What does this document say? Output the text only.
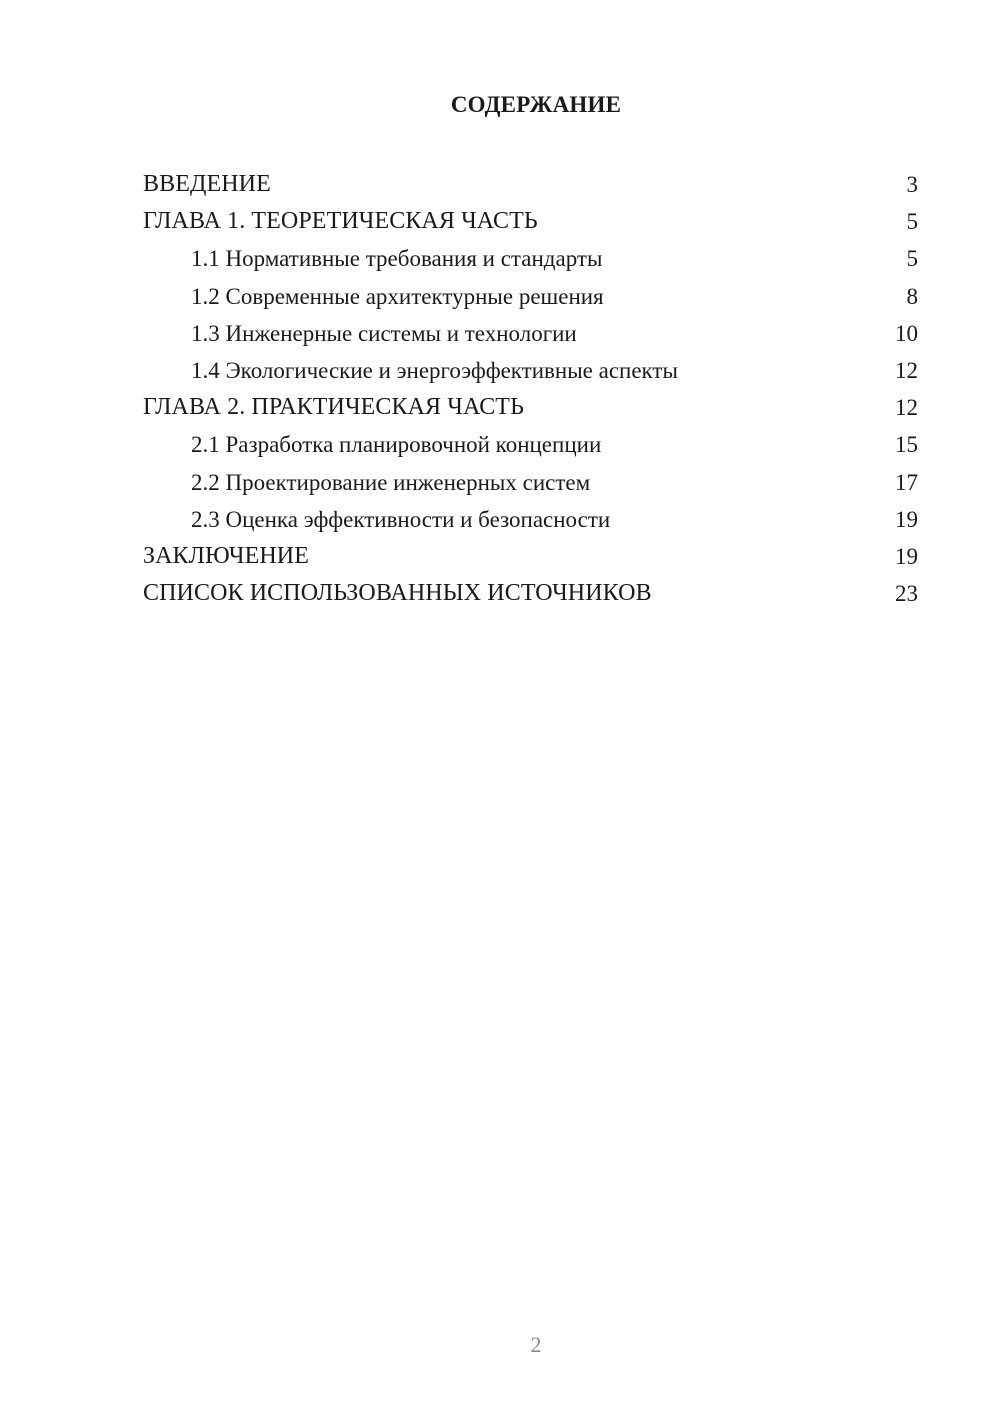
СОДЕРЖАНИЕ
ВВЕДЕНИЕ	3
ГЛАВА 1. ТЕОРЕТИЧЕСКАЯ ЧАСТЬ	5
1.1 Нормативные требования и стандарты	5
1.2 Современные архитектурные решения	8
1.3 Инженерные системы и технологии	10
1.4 Экологические и энергоэффективные аспекты	12
ГЛАВА 2. ПРАКТИЧЕСКАЯ ЧАСТЬ	12
2.1 Разработка планировочной концепции	15
2.2 Проектирование инженерных систем	17
2.3 Оценка эффективности и безопасности	19
ЗАКЛЮЧЕНИЕ	19
СПИСОК ИСПОЛЬЗОВАННЫХ ИСТОЧНИКОВ	23
2
